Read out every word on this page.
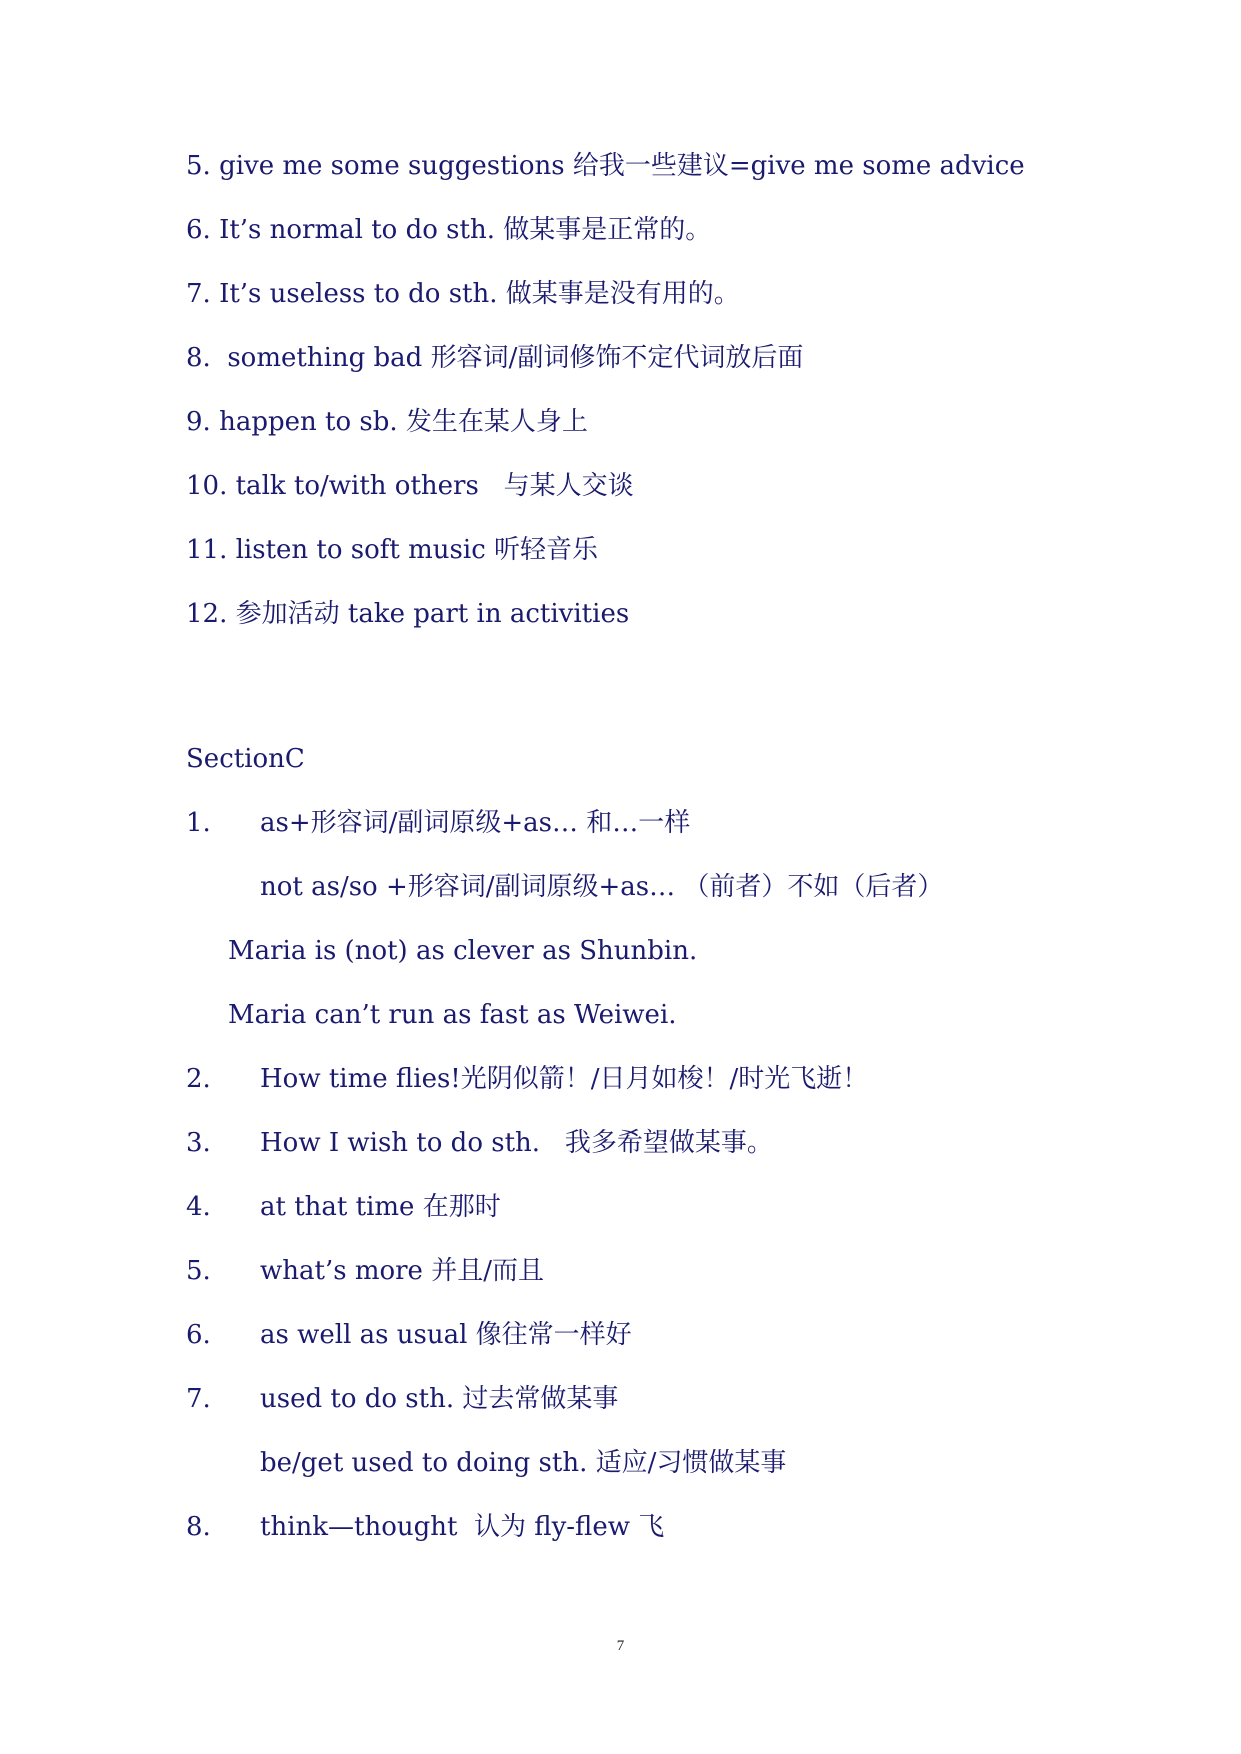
5. give me some suggestions 给我一些建议=give me some advice
6. It’s normal to do sth. 做某事是正常的。
7. It’s useless to do sth. 做某事是没有用的。
8.  something bad 形容词/副词修饰不定代词放后面
9. happen to sb. 发生在某人身上
10. talk to/with others   与某人交谈
11. listen to soft music 听轻音乐
12. 参加活动 take part in activities
SectionC
1. as+形容词/副词原级+as… 和…一样
not as/so +形容词/副词原级+as… （前者）不如（后者）
Maria is (not) as clever as Shunbin.
Maria can’t run as fast as Weiwei.
2. How time flies!光阴似箭！/日月如梭！/时光飞逝！
3. How I wish to do sth.   我多希望做某事。
4. at that time 在那时
5. what’s more 并且/而且
6. as well as usual 像往常一样好
7. used to do sth. 过去常做某事
be/get used to doing sth. 适应/习惯做某事
8. think—thought  认为 fly-flew 飞
7
